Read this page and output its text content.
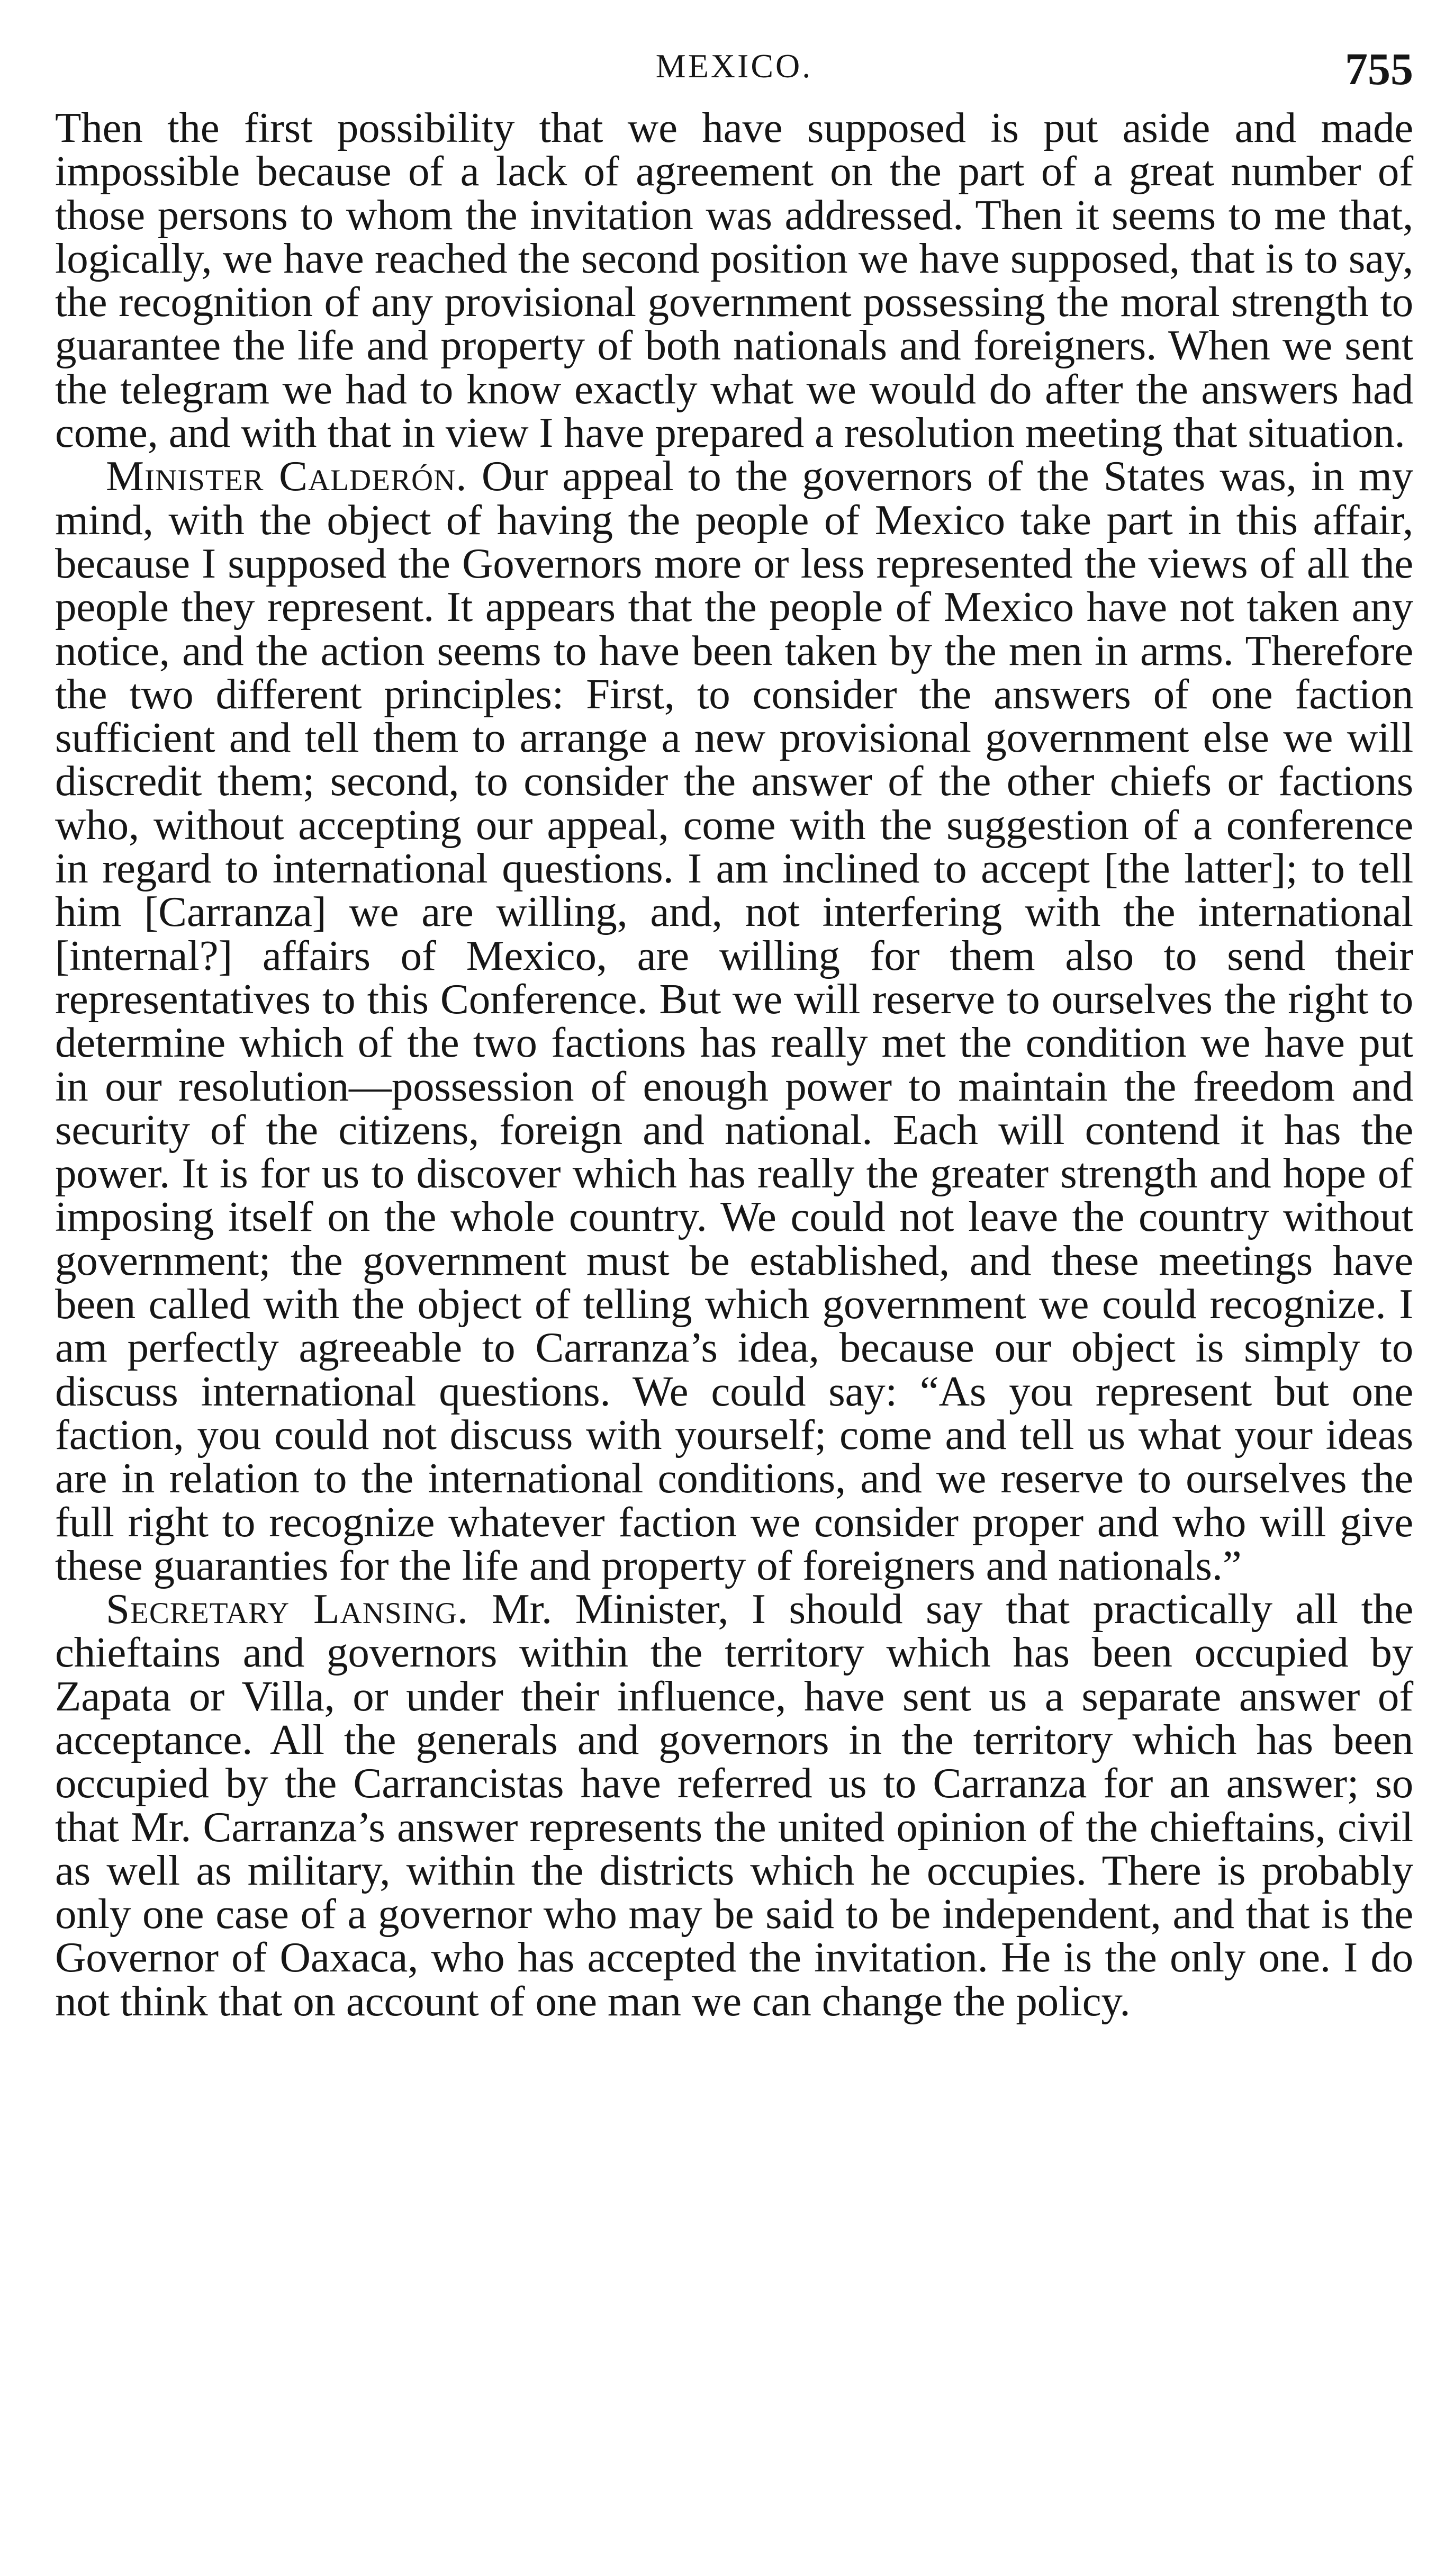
MEXICO.	755

Then the first possibility that we have supposed is put aside and made impossible because of a lack of agreement on the part of a great number of those persons to whom the invitation was addressed. Then it seems to me that, logically, we have reached the second position we have supposed, that is to say, the recognition of any provisional government possessing the moral strength to guarantee the life and property of both nationals and foreigners. When we sent the telegram we had to know exactly what we would do after the answers had come, and with that in view I have prepared a resolution meeting that situation.

Minister Calderón. Our appeal to the governors of the States was, in my mind, with the object of having the people of Mexico take part in this affair, because I supposed the Governors more or less represented the views of all the people they represent. It appears that the people of Mexico have not taken any notice, and the action seems to have been taken by the men in arms. Therefore the two different principles: First, to consider the answers of one faction sufficient and tell them to arrange a new provisional government else we will discredit them; second, to consider the answer of the other chiefs or factions who, without accepting our appeal, come with the suggestion of a conference in regard to international questions. I am inclined to accept [the latter]; to tell him [Carranza] we are willing, and, not interfering with the international [internal?] affairs of Mexico, are willing for them also to send their representatives to this Conference. But we will reserve to ourselves the right to determine which of the two factions has really met the condition we have put in our resolution—possession of enough power to maintain the freedom and security of the citizens, foreign and national. Each will contend it has the power. It is for us to discover which has really the greater strength and hope of imposing itself on the whole country. We could not leave the country without government; the government must be established, and these meetings have been called with the object of telling which government we could recognize. I am perfectly agreeable to Carranza’s idea, because our object is simply to discuss international questions. We could say: “As you represent but one faction, you could not discuss with yourself; come and tell us what your ideas are in relation to the international conditions, and we reserve to ourselves the full right to recognize whatever faction we consider proper and who will give these guaranties for the life and property of foreigners and nationals.”

Secretary Lansing. Mr. Minister, I should say that practically all the chieftains and governors within the territory which has been occupied by Zapata or Villa, or under their influence, have sent us a separate answer of acceptance. All the generals and governors in the territory which has been occupied by the Carrancistas have referred us to Carranza for an answer; so that Mr. Carranza’s answer represents the united opinion of the chieftains, civil as well as military, within the districts which he occupies. There is probably only one case of a governor who may be said to be independent, and that is the Governor of Oaxaca, who has accepted the invitation. He is the only one. I do not think that on account of one man we can change the policy.
